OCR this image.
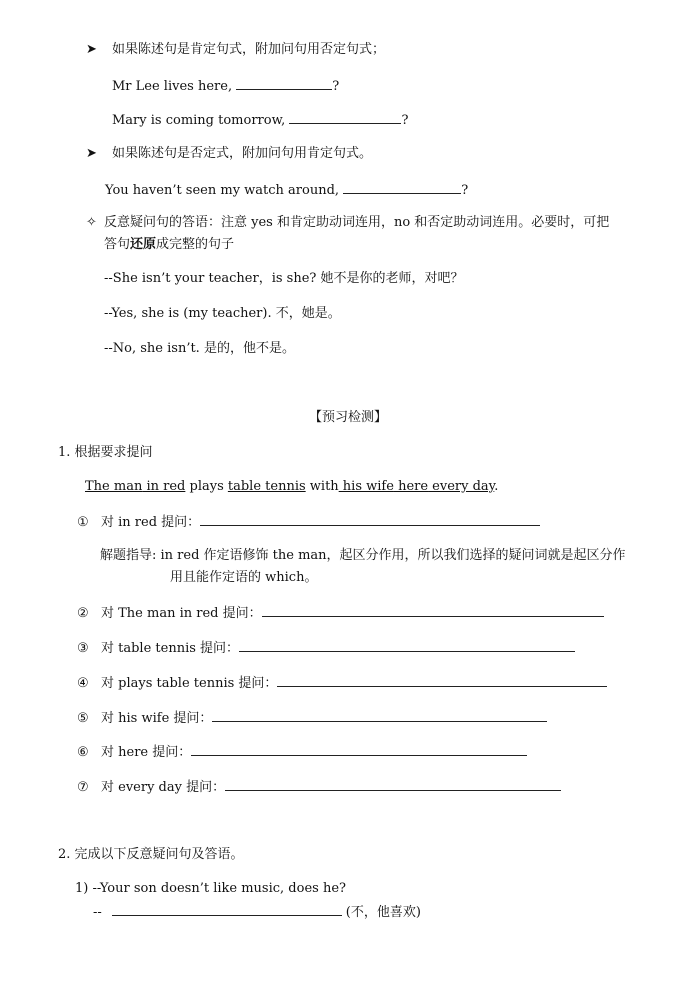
➤ 如果陈述句是肯定句式，附加问句用否定句式；
Mr Lee lives here,	?
Mary is coming tomorrow,	?
➤ 如果陈述句是否定式，附加问句用肯定句式。
You haven’t seen my watch around,	?
✧ 反意疑问句的答语：注意 yes 和肯定助动词连用，no 和否定助动词连用。必要时，可把
答句还原成完整的句子
--She isn’t your teacher，is she? 她不是你的老师，对吧？
--Yes, she is (my teacher). 不，她是。
--No, she isn’t. 是的，他不是。
【预习检测】
1. 根据要求提问
The man in red plays table tennis with his wife here every day.
① 对 in red 提问：
解题指导: in red 作定语修饰 the man，起区分作用，所以我们选择的疑问词就是起区分作
用且能作定语的 which。
② 对 The man in red 提问：
③ 对 table tennis 提问：
④ 对 plays table tennis 提问：
⑤ 对 his wife 提问：
⑥ 对 here 提问：
⑦ 对 every day 提问：
2. 完成以下反意疑问句及答语。
1) --Your son doesn’t like music, does he?
--	(不，他喜欢)
